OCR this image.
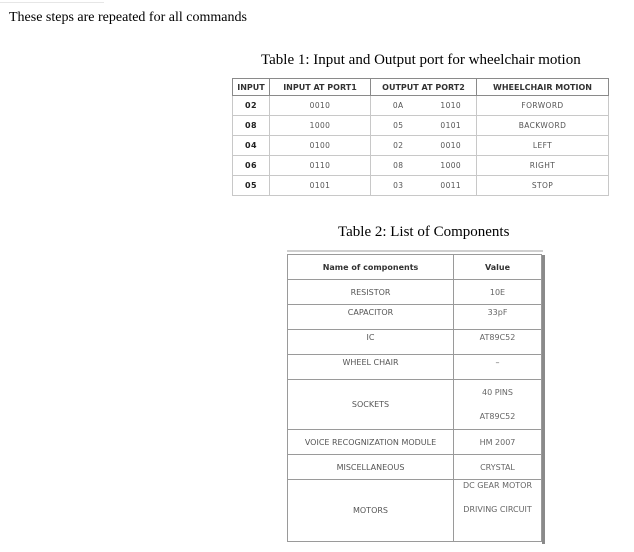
These steps are repeated for all commands
Table 1: Input and Output port for wheelchair motion
INPUT	INPUT AT PORT1	OUTPUT AT PORT2		WHEELCHAIR MOTION
02	0010	0A	1010	FORWORD
08	1000	05	0101	BACKWORD
04	0100	02	0010	LEFT
06	0110	08	1000	RIGHT
05	0101	03	0011	STOP
Table 2: List of Components
Name of components	Value
RESISTOR	10E
CAPACITOR	33pF
IC	AT89C52
WHEEL CHAIR	–
SOCKETS	40 PINS
AT89C52

VOICE RECOGNIZATION MODULE	HM 2007
MISCELLANEOUS	CRYSTAL
MOTORS	DC GEAR MOTOR
DRIVING CIRCUIT
